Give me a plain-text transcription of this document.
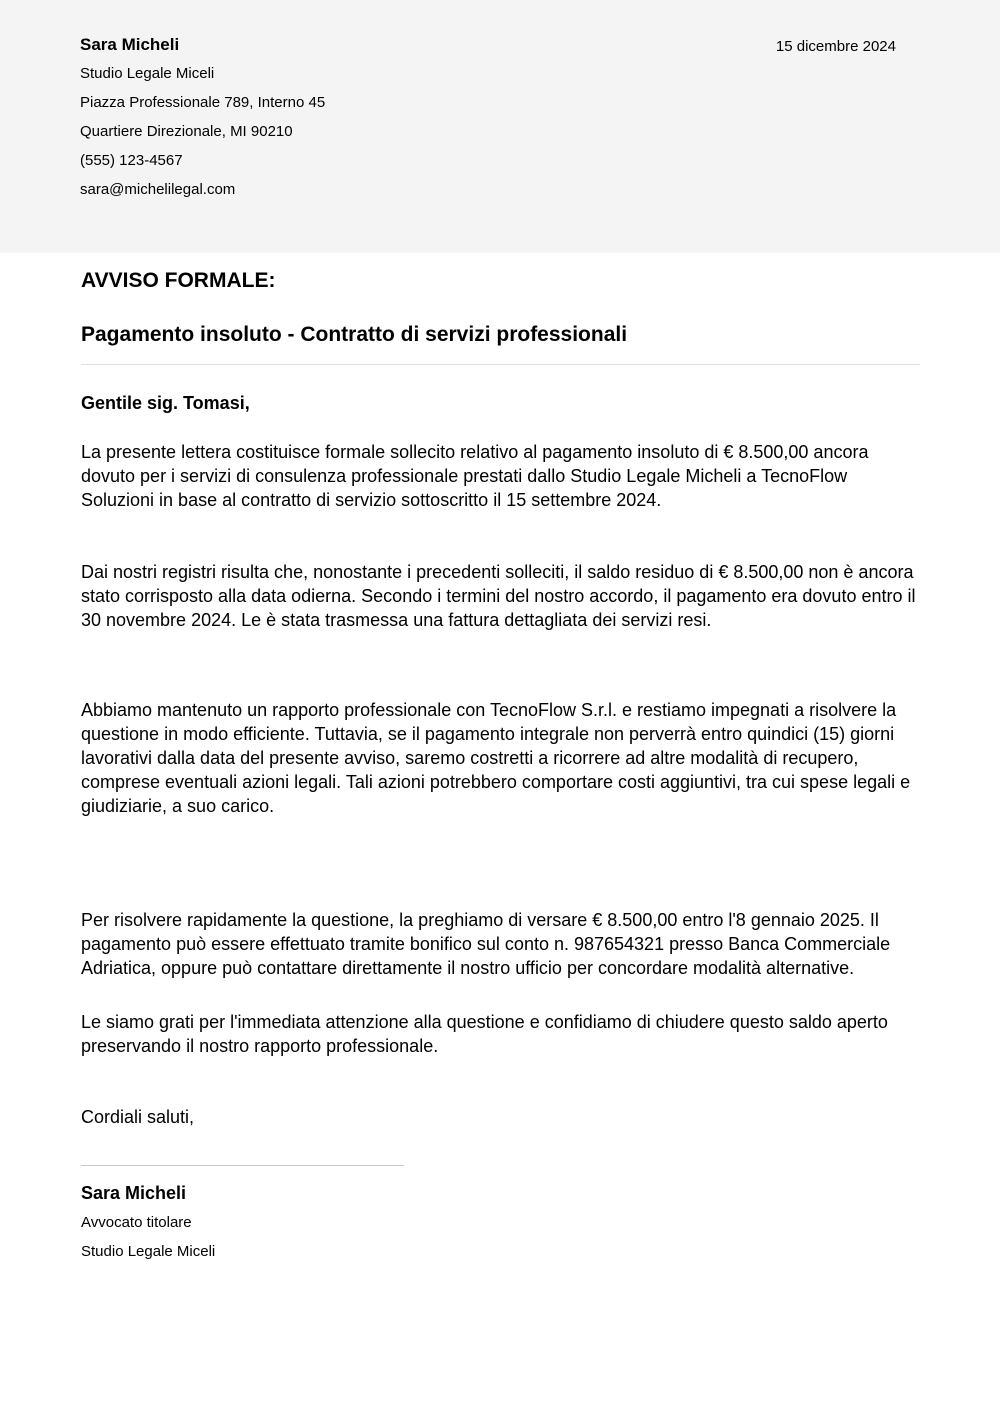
Sara Micheli

Studio Legale Miceli

Piazza Professionale 789, Interno 45

Quartiere Direzionale, MI 90210

(555) 123-4567

sara@michelilegal.com

15 dicembre 2024
AVVISO FORMALE:
Pagamento insoluto - Contratto di servizi professionali

Gentile sig. Tomasi,

La presente lettera costituisce formale sollecito relativo al pagamento insoluto di € 8.500,00 ancora dovuto per i servizi di consulenza professionale prestati dallo Studio Legale Micheli a TecnoFlow Soluzioni in base al contratto di servizio sottoscritto il 15 settembre 2024.

Dai nostri registri risulta che, nonostante i precedenti solleciti, il saldo residuo di € 8.500,00 non è ancora stato corrisposto alla data odierna. Secondo i termini del nostro accordo, il pagamento era dovuto entro il 30 novembre 2024. Le è stata trasmessa una fattura dettagliata dei servizi resi.

Abbiamo mantenuto un rapporto professionale con TecnoFlow S.r.l. e restiamo impegnati a risolvere la questione in modo efficiente. Tuttavia, se il pagamento integrale non perverrà entro quindici (15) giorni lavorativi dalla data del presente avviso, saremo costretti a ricorrere ad altre modalità di recupero, comprese eventuali azioni legali. Tali azioni potrebbero comportare costi aggiuntivi, tra cui spese legali e giudiziarie, a suo carico.

Per risolvere rapidamente la questione, la preghiamo di versare € 8.500,00 entro l'8 gennaio 2025. Il pagamento può essere effettuato tramite bonifico sul conto n. 987654321 presso Banca Commerciale Adriatica, oppure può contattare direttamente il nostro ufficio per concordare modalità alternative.

Le siamo grati per l'immediata attenzione alla questione e confidiamo di chiudere questo saldo aperto preservando il nostro rapporto professionale.

Cordiali saluti,

Sara Micheli

Avvocato titolare

Studio Legale Miceli
